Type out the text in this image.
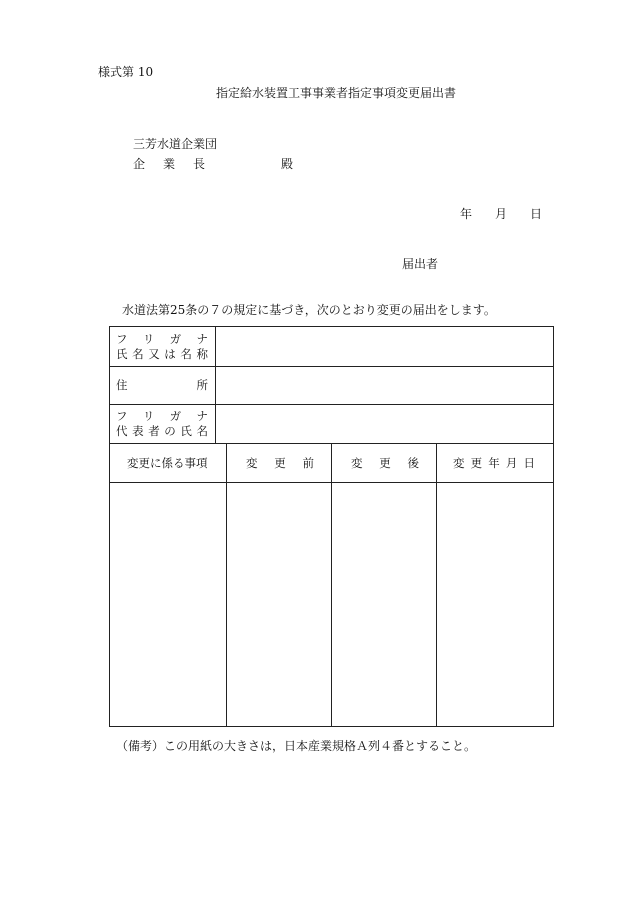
様式第 10
指定給水装置工事事業者指定事項変更届出書
三芳水道企業団
企 業 長	殿
年 月 日
届出者
水道法第25条の７の規定に基づき，次のとおり変更の届出をします。
フ リ ガ ナ
氏 名 又 は 名 称
住	所
フ リ ガ ナ
代 表 者 の 氏 名
変更に係る事項	変 更 前	変 更 後	変 更 年 月 日
（備考）この用紙の大きさは，日本産業規格Ａ列４番とすること。
